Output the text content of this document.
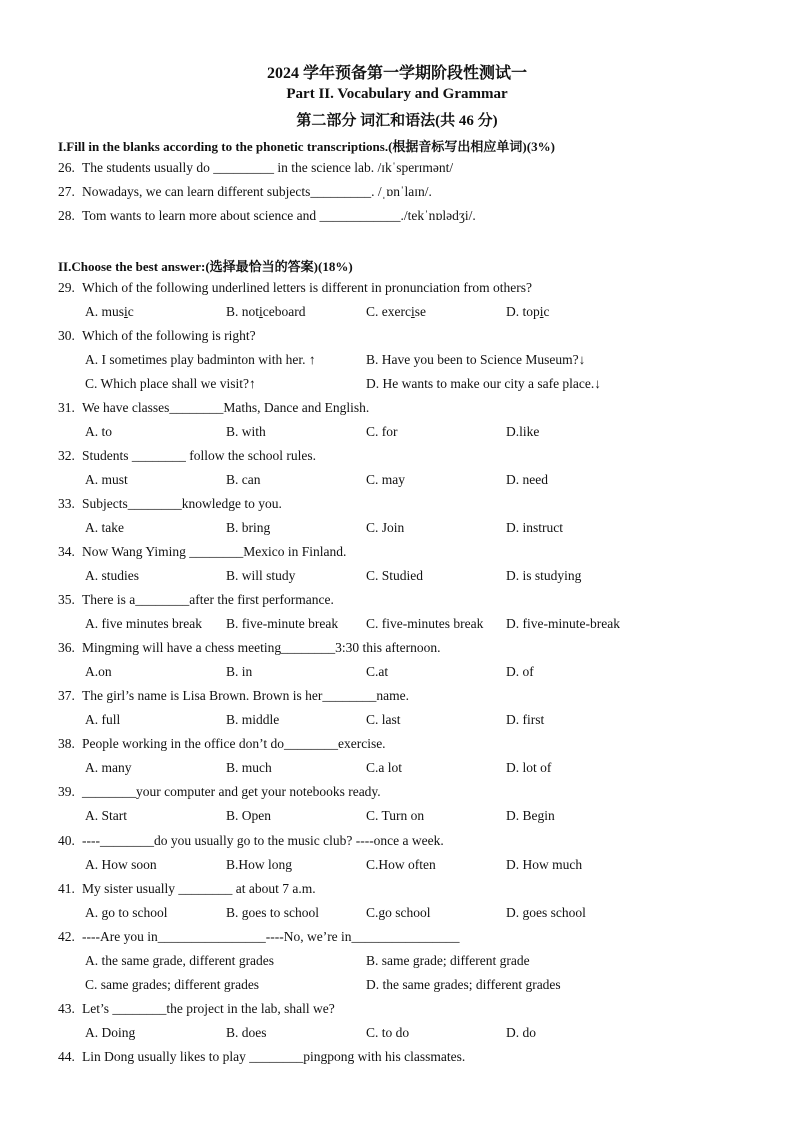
2024 学年预备第一学期阶段性测试一
Part II. Vocabulary and Grammar
第二部分 词汇和语法(共 46 分)
I.Fill in the blanks according to the phonetic transcriptions.(根据音标写出相应单词)(3%)
26. The students usually do _________ in the science lab. /ɪkˈsperɪmənt/
27. Nowadays, we can learn different subjects_________. /ˌɒnˈlaɪn/.
28. Tom wants to learn more about science and ____________./tekˈnɒlədʒi/.
II.Choose the best answer:(选择最恰当的答案)(18%)
29. Which of the following underlined letters is different in pronunciation from others?
A. music	B. noticeboard	C. exercise	D. topic
30. Which of the following is right?
A. I sometimes play badminton with her. ↑	B. Have you been to Science Museum?↓
C. Which place shall we visit?↑	D. He wants to make our city a safe place.↓
31. We have classes________Maths, Dance and English.
A. to	B. with	C. for	D.like
32. Students ________ follow the school rules.
A. must	B. can	C. may	D. need
33. Subjects________knowledge to you.
A. take	B. bring	C. Join	D. instruct
34. Now Wang Yiming ________Mexico in Finland.
A. studies	B. will study	C. Studied	D. is studying
35. There is a________after the first performance.
A. five minutes break B. five-minute break C. five-minutes break D. five-minute-break
36. Mingming will have a chess meeting________3:30 this afternoon.
A.on	B. in	C.at	D. of
37. The girl’s name is Lisa Brown. Brown is her________name.
A. full	B. middle	C. last	D. first
38. People working in the office don’t do________exercise.
A. many	B. much	C.a lot	D. lot of
39. ________your computer and get your notebooks ready.
A. Start	B. Open	C. Turn on	D. Begin
40. ----________do you usually go to the music club? ----once a week.
A. How soon	B.How long	C.How often	D. How much
41. My sister usually ________ at about 7 a.m.
A. go to school	B. goes to school	C.go school	D. goes school
42. ----Are you in________________----No, we’re in________________
A. the same grade, different grades	B. same grade; different grade
C. same grades; different grades	D. the same grades; different grades
43. Let’s ________the project in the lab, shall we?
A. Doing	B. does	C. to do	D. do
44. Lin Dong usually likes to play ________pingpong with his classmates.
